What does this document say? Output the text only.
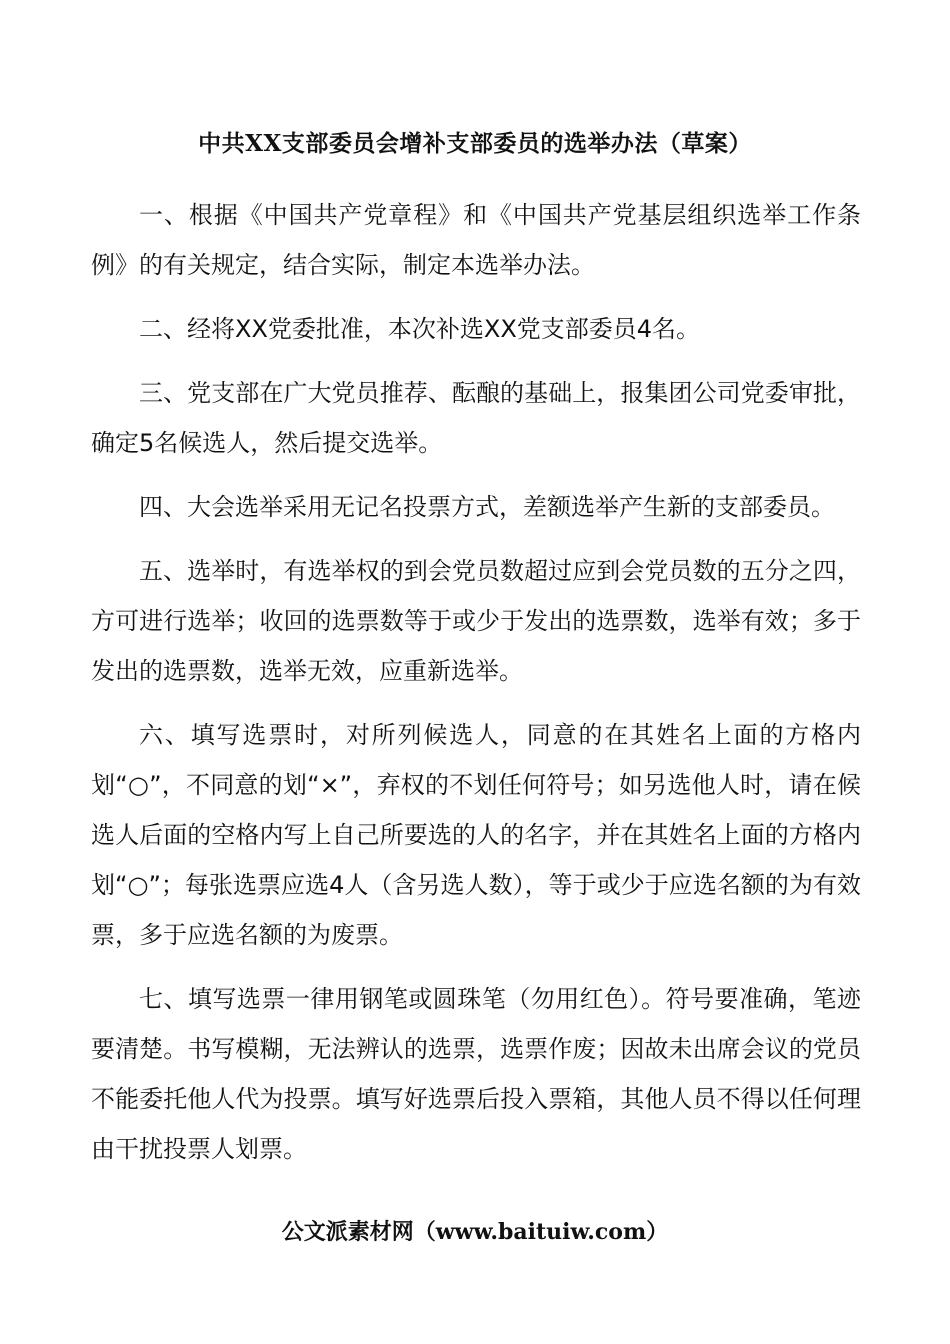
中共XX支部委员会增补支部委员的选举办法（草案）

一、根据《中国共产党章程》和《中国共产党基层组织选举工作条例》的有关规定，结合实际，制定本选举办法。

二、经将XX党委批准，本次补选XX党支部委员4名。

三、党支部在广大党员推荐、酝酿的基础上，报集团公司党委审批，确定5名候选人，然后提交选举。

四、大会选举采用无记名投票方式，差额选举产生新的支部委员。

五、选举时，有选举权的到会党员数超过应到会党员数的五分之四，方可进行选举；收回的选票数等于或少于发出的选票数，选举有效；多于发出的选票数，选举无效，应重新选举。

六、填写选票时，对所列候选人，同意的在其姓名上面的方格内划“○”，不同意的划“×”，弃权的不划任何符号；如另选他人时，请在候选人后面的空格内写上自己所要选的人的名字，并在其姓名上面的方格内划“○”；每张选票应选4人（含另选人数），等于或少于应选名额的为有效票，多于应选名额的为废票。

七、填写选票一律用钢笔或圆珠笔（勿用红色）。符号要准确，笔迹要清楚。书写模糊，无法辨认的选票，选票作废；因故未出席会议的党员不能委托他人代为投票。填写好选票后投入票箱，其他人员不得以任何理由干扰投票人划票。

公文派素材网（www.baituiw.com）
